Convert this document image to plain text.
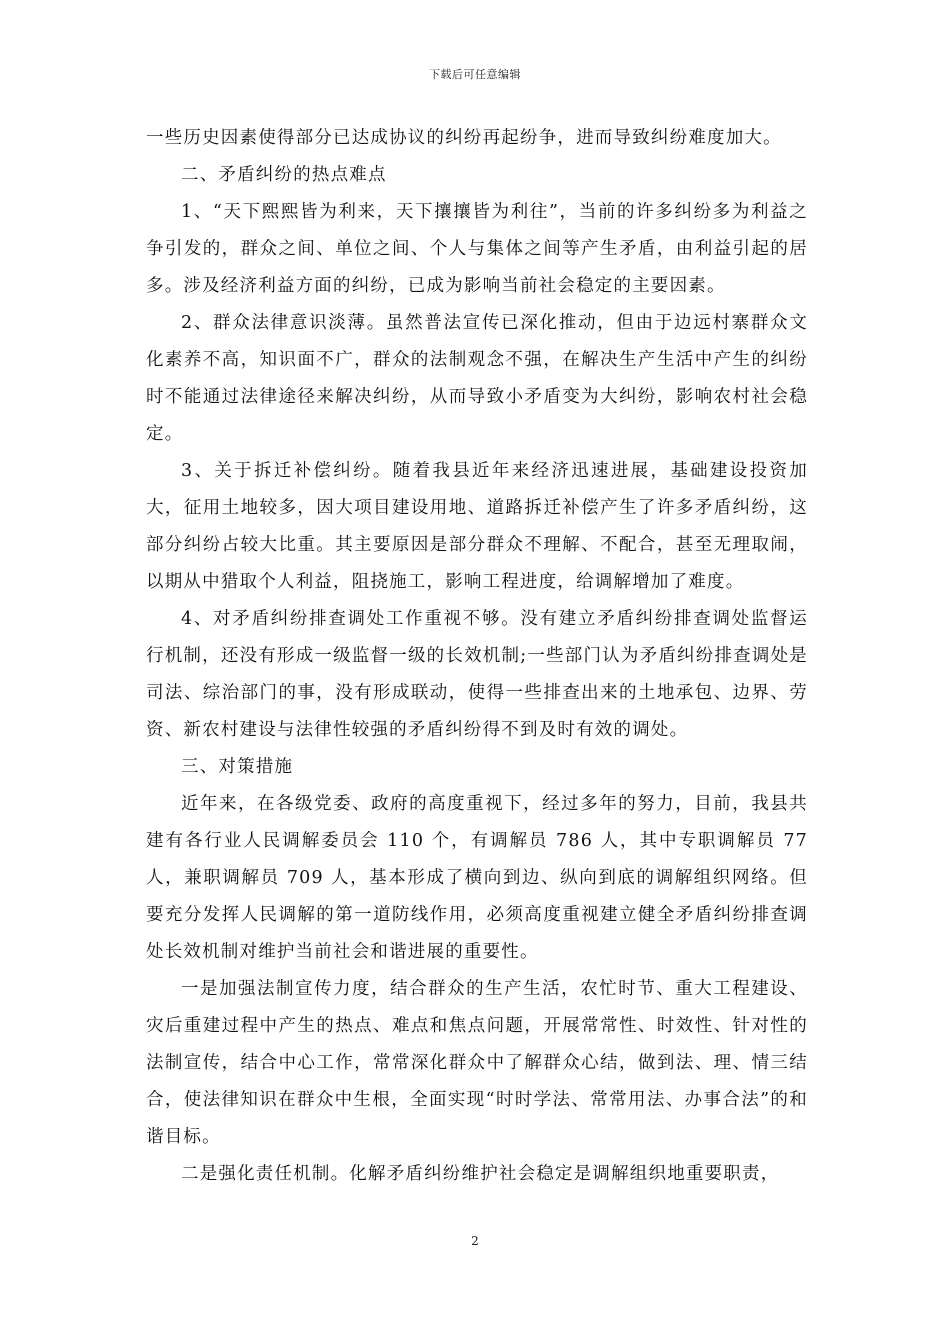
下载后可任意编辑

一些历史因素使得部分已达成协议的纠纷再起纷争，进而导致纠纷难度加大。

二、矛盾纠纷的热点难点

1、“天下熙熙皆为利来，天下攘攘皆为利往”，当前的许多纠纷多为利益之争引发的，群众之间、单位之间、个人与集体之间等产生矛盾，由利益引起的居多。涉及经济利益方面的纠纷，已成为影响当前社会稳定的主要因素。

2、群众法律意识淡薄。虽然普法宣传已深化推动，但由于边远村寨群众文化素养不高，知识面不广，群众的法制观念不强，在解决生产生活中产生的纠纷时不能通过法律途径来解决纠纷，从而导致小矛盾变为大纠纷，影响农村社会稳定。

3、关于拆迁补偿纠纷。随着我县近年来经济迅速进展，基础建设投资加大，征用土地较多，因大项目建设用地、道路拆迁补偿产生了许多矛盾纠纷，这部分纠纷占较大比重。其主要原因是部分群众不理解、不配合，甚至无理取闹，以期从中猎取个人利益，阻挠施工，影响工程进度，给调解增加了难度。

4、对矛盾纠纷排查调处工作重视不够。没有建立矛盾纠纷排查调处监督运行机制，还没有形成一级监督一级的长效机制;一些部门认为矛盾纠纷排查调处是司法、综治部门的事，没有形成联动，使得一些排查出来的土地承包、边界、劳资、新农村建设与法律性较强的矛盾纠纷得不到及时有效的调处。

三、对策措施

近年来，在各级党委、政府的高度重视下，经过多年的努力，目前，我县共建有各行业人民调解委员会 110 个，有调解员 786 人，其中专职调解员 77 人，兼职调解员 709 人，基本形成了横向到边、纵向到底的调解组织网络。但要充分发挥人民调解的第一道防线作用，必须高度重视建立健全矛盾纠纷排查调处长效机制对维护当前社会和谐进展的重要性。

一是加强法制宣传力度，结合群众的生产生活，农忙时节、重大工程建设、灾后重建过程中产生的热点、难点和焦点问题，开展常常性、时效性、针对性的法制宣传，结合中心工作，常常深化群众中了解群众心结，做到法、理、情三结合，使法律知识在群众中生根，全面实现“时时学法、常常用法、办事合法”的和谐目标。

二是强化责任机制。化解矛盾纠纷维护社会稳定是调解组织地重要职责，

2
